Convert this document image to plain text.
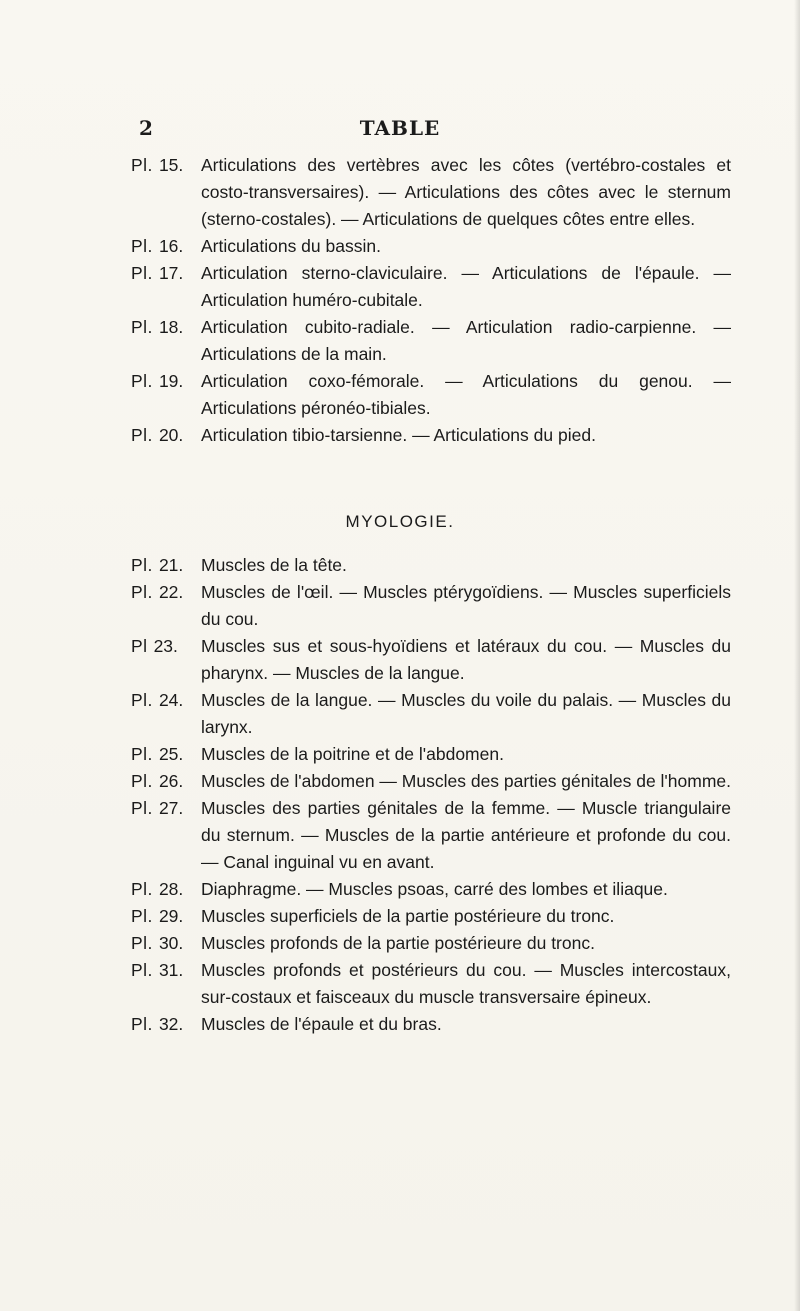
2	TABLE
Pl. 15.	Articulations des vertèbres avec les côtes (vertébro-costales et costo-transversaires). — Articulations des côtes avec le sternum (sterno-costales). — Articulations de quelques côtes entre elles.
Pl. 16.	Articulations du bassin.
Pl. 17.	Articulation sterno-claviculaire. — Articulations de l'épaule. — Articulation huméro-cubitale.
Pl. 18.	Articulation cubito-radiale. — Articulation radio-carpienne. — Articulations de la main.
Pl. 19.	Articulation coxo-fémorale. — Articulations du genou. — Articulations péronéo-tibiales.
Pl. 20.	Articulation tibio-tarsienne. — Articulations du pied.
MYOLOGIE.
Pl. 21.	Muscles de la tête.
Pl. 22.	Muscles de l'œil. — Muscles ptérygoïdiens. — Muscles superficiels du cou.
Pl 23.	Muscles sus et sous-hyoïdiens et latéraux du cou. — Muscles du pharynx. — Muscles de la langue.
Pl. 24.	Muscles de la langue. — Muscles du voile du palais. — Muscles du larynx.
Pl. 25.	Muscles de la poitrine et de l'abdomen.
Pl. 26.	Muscles de l'abdomen — Muscles des parties génitales de l'homme.
Pl. 27.	Muscles des parties génitales de la femme. — Muscle triangulaire du sternum. — Muscles de la partie antérieure et profonde du cou. — Canal inguinal vu en avant.
Pl. 28.	Diaphragme. — Muscles psoas, carré des lombes et iliaque.
Pl. 29.	Muscles superficiels de la partie postérieure du tronc.
Pl. 30.	Muscles profonds de la partie postérieure du tronc.
Pl. 31.	Muscles profonds et postérieurs du cou. — Muscles intercostaux, sur-costaux et faisceaux du muscle transversaire épineux.
Pl. 32.	Muscles de l'épaule et du bras.
